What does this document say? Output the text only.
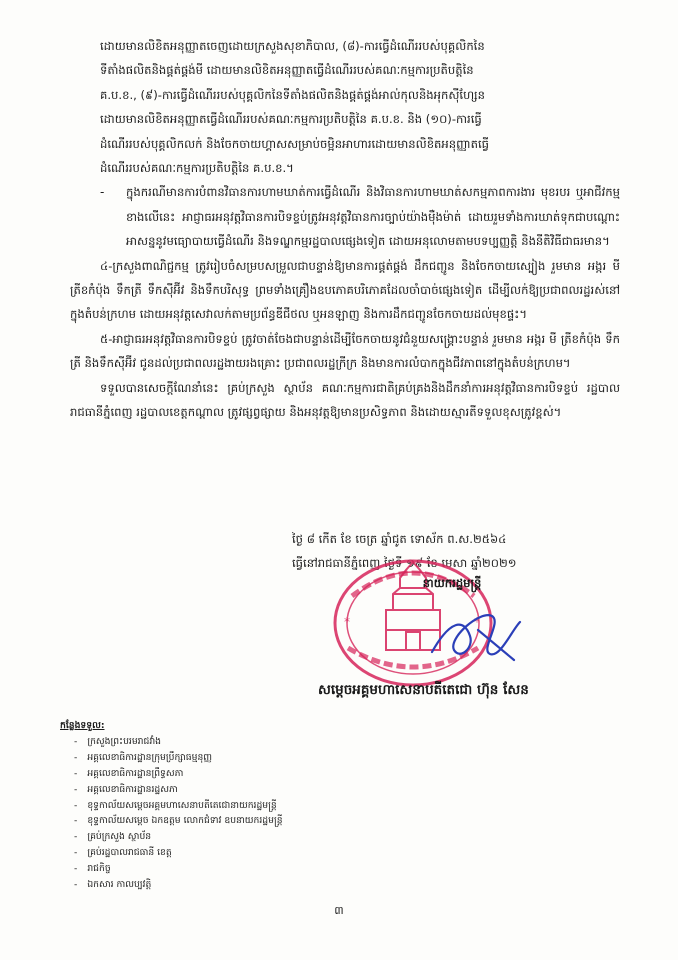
ដោយមានលិខិតអនុញ្ញាតចេញដោយក្រសួងសុខាភិបាល, (៨)-ការធ្វើដំណើររបស់បុគ្គលិកនៃ

ទីតាំងផលិតនិងផ្គត់ផ្គង់មី ដោយមានលិខិតអនុញ្ញាតធ្វើដំណើររបស់គណៈកម្មការប្រតិបត្តិនៃ

គ.ប.ខ., (៩)-ការធ្វើដំណើររបស់បុគ្គលិកនៃទីតាំងផលិតនិងផ្គត់ផ្គង់អាល់កុលនិងអុកស៊ីហ្សែន

ដោយមានលិខិតអនុញ្ញាតធ្វើដំណើររបស់គណៈកម្មការប្រតិបត្តិនៃ គ.ប.ខ. និង (១០)-ការធ្វើ

ដំណើររបស់បុគ្គលិកលក់ និងចែកចាយហ្គាសសម្រាប់ចម្អិនអាហារដោយមានលិខិតអនុញ្ញាតធ្វើ

ដំណើររបស់គណៈកម្មការប្រតិបត្តិនៃ គ.ប.ខ.។

-	ក្នុងករណីមានការបំពានវិធានការហាមឃាត់ការធ្វើដំណើរ និងវិធានការហាមឃាត់សកម្មភាពការងារ មុខរបរ ឬអាជីវកម្មខាងលើនេះ អាជ្ញាធរអនុវត្តវិធានការបិទខ្ទប់ត្រូវអនុវត្តវិធានការច្បាប់យ៉ាងម៉ឺងម៉ាត់ ដោយរួមទាំងការឃាត់ទុកជាបណ្តោះអាសន្ននូវមធ្យោបាយធ្វើដំណើរ និងទណ្ឌកម្មរដ្ឋបាលផ្សេងទៀត ដោយអនុលោមតាមបទប្បញ្ញត្តិ និងនីតិវិធីជាធរមាន។

៤-ក្រសួងពាណិជ្ជកម្ម ត្រូវរៀបចំសម្របសម្រួលជាបន្ទាន់ឱ្យមានការផ្គត់ផ្គង់ ដឹកជញ្ជូន និងចែកចាយស្បៀង រួមមាន អង្ករ មី ត្រីខកំប៉ុង ទឹកត្រី ទឹកស៊ីអ៊ីវ និងទឹកបរិសុទ្ធ ព្រមទាំងគ្រឿងឧបភោគបរិភោគដែលចាំបាច់ផ្សេងទៀត ដើម្បីលក់ឱ្យប្រជាពលរដ្ឋរស់នៅក្នុងតំបន់ក្រហម ដោយអនុវត្តសេវាលក់តាមប្រព័ន្ធឌីជីថល ឬអនឡាញ និងការដឹកជញ្ជូនចែកចាយដល់មុខផ្ទះ។

៥-អាជ្ញាធរអនុវត្តវិធានការបិទខ្ទប់ ត្រូវចាត់ចែងជាបន្ទាន់ដើម្បីចែកចាយនូវជំនួយសង្គ្រោះបន្ទាន់ រួមមាន អង្ករ មី ត្រីខកំប៉ុង ទឹកត្រី និងទឹកស៊ីអ៊ីវ ជូនដល់ប្រជាពលរដ្ឋងាយរងគ្រោះ ប្រជាពលរដ្ឋក្រីក្រ និងមានការលំបាកក្នុងជីវភាពនៅក្នុងតំបន់ក្រហម។

ទទួលបានសេចក្តីណែនាំនេះ គ្រប់ក្រសួង ស្ថាប័ន គណៈកម្មការជាតិគ្រប់គ្រងនិងដឹកនាំការអនុវត្តវិធានការបិទខ្ទប់ រដ្ឋបាលរាជធានីភ្នំពេញ រដ្ឋបាលខេត្តកណ្តាល ត្រូវផ្សព្វផ្សាយ និងអនុវត្តឱ្យមានប្រសិទ្ធភាព និងដោយស្មារតីទទួលខុសត្រូវខ្ពស់។

ថ្ងៃ ៨ កើត ខែ ចេត្រ ឆ្នាំជូត ទោស័ក ព.ស.២៥៦៤
ធ្វើនៅរាជធានីភ្នំពេញ ថ្ងៃទី ១៩ ខែ មេសា ឆ្នាំ២០២១
*	*
នាយករដ្ឋមន្ត្រី
សម្តេចអគ្គមហាសេនាបតីតេជោ ហ៊ុន សែន
កន្លែងទទួល:
- ក្រសួងព្រះបរមរាជវាំង
- អគ្គលេខាធិការដ្ឋានក្រុមប្រឹក្សាធម្មនុញ្ញ
- អគ្គលេខាធិការដ្ឋានព្រឹទ្ធសភា
- អគ្គលេខាធិការដ្ឋានរដ្ឋសភា
- ខុទ្ទកាល័យសម្តេចអគ្គមហាសេនាបតីតេជោនាយករដ្ឋមន្ត្រី
- ខុទ្ទកាល័យសម្តេច ឯកឧត្តម លោកជំទាវ ឧបនាយករដ្ឋមន្ត្រី
- គ្រប់ក្រសួង ស្ថាប័ន
- គ្រប់រដ្ឋបាលរាជធានី ខេត្ត
- រាជកិច្ច
- ឯកសារ កាលប្បវត្តិ
៣
